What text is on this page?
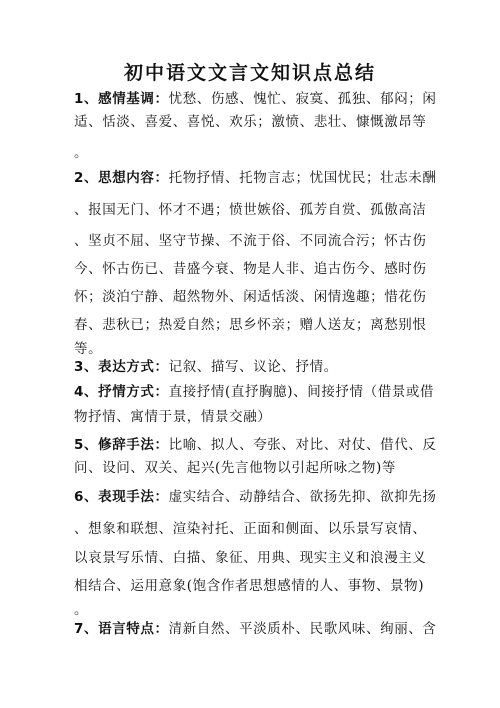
初中语文文言文知识点总结
1、感情基调：忧愁、伤感、愧忙、寂寞、孤独、郁闷；闲
适、恬淡、喜爱、喜悦、欢乐；激愤、悲壮、慷慨激昂等
。
2、思想内容：托物抒情、托物言志；忧国忧民；壮志未酬
、报国无门、怀才不遇；愤世嫉俗、孤芳自赏、孤傲高洁
、坚贞不屈、坚守节操、不流于俗、不同流合污；怀古伤
今、怀古伤已、昔盛今衰、物是人非、追古伤今、感时伤
怀；淡泊宁静、超然物外、闲适恬淡、闲情逸趣；惜花伤
春、悲秋已；热爱自然；思乡怀亲；赠人送友；离愁别恨
等。
3、表达方式：记叙、描写、议论、抒情。
4、抒情方式：直接抒情(直抒胸臆)、间接抒情（借景或借
物抒情、寓情于景，情景交融）
5、修辞手法：比喻、拟人、夸张、对比、对仗、借代、反
问、设问、双关、起兴(先言他物以引起所咏之物)等
6、表现手法：虚实结合、动静结合、欲扬先抑、欲抑先扬
、想象和联想、渲染衬托、正面和侧面、以乐景写哀情、
以哀景写乐情、白描、象征、用典、现实主义和浪漫主义
相结合、运用意象(饱含作者思想感情的人、事物、景物)
。
7、语言特点：清新自然、平淡质朴、民歌风味、绚丽、含
